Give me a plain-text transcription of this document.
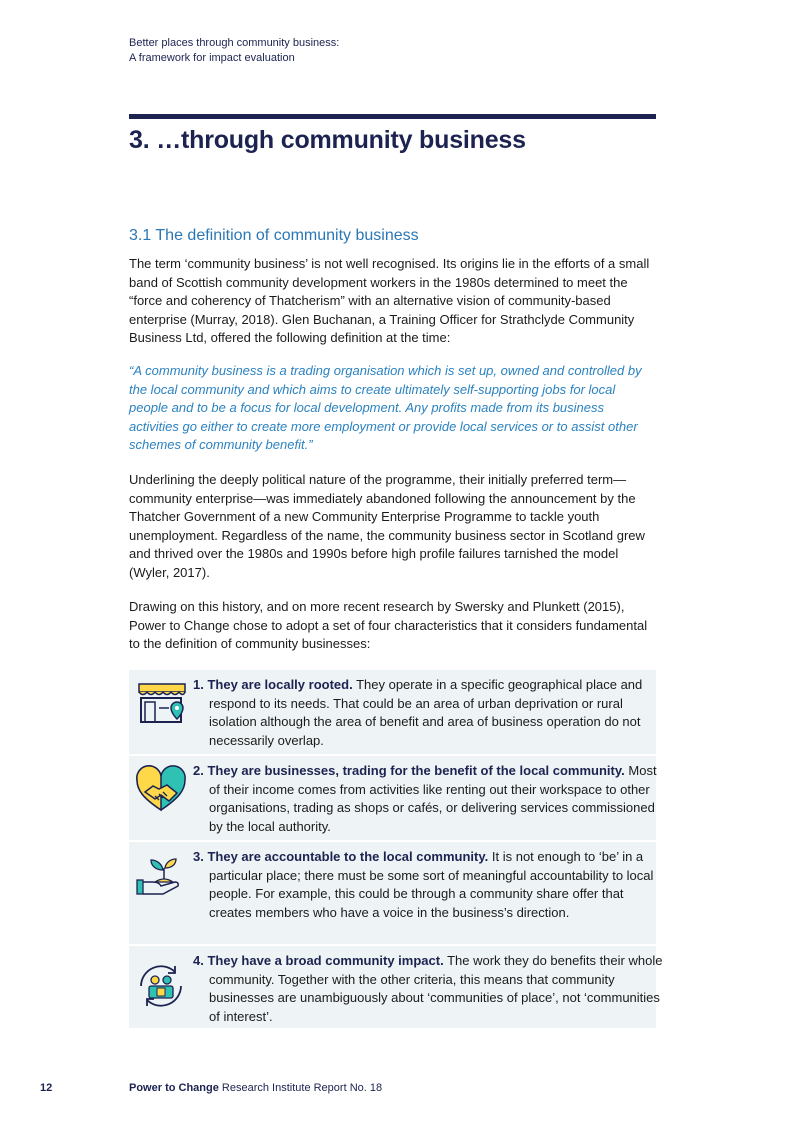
Better places through community business:
A framework for impact evaluation
3. …through community business
3.1 The definition of community business

The term ‘community business’ is not well recognised. Its origins lie in the efforts of a small band of Scottish community development workers in the 1980s determined to meet the “force and coherency of Thatcherism” with an alternative vision of community-based enterprise (Murray, 2018). Glen Buchanan, a Training Officer for Strathclyde Community Business Ltd, offered the following definition at the time:

“A community business is a trading organisation which is set up, owned and controlled by the local community and which aims to create ultimately self-supporting jobs for local people and to be a focus for local development. Any profits made from its business activities go either to create more employment or provide local services or to assist other schemes of community benefit.”

Underlining the deeply political nature of the programme, their initially preferred term—community enterprise—was immediately abandoned following the announcement by the Thatcher Government of a new Community Enterprise Programme to tackle youth unemployment. Regardless of the name, the community business sector in Scotland grew and thrived over the 1980s and 1990s before high profile failures tarnished the model (Wyler, 2017).

Drawing on this history, and on more recent research by Swersky and Plunkett (2015), Power to Change chose to adopt a set of four characteristics that it considers fundamental to the definition of community businesses:

1. They are locally rooted. They operate in a specific geographical place and respond to its needs. That could be an area of urban deprivation or rural isolation although the area of benefit and area of business operation do not necessarily overlap.

2. They are businesses, trading for the benefit of the local community. Most of their income comes from activities like renting out their workspace to other organisations, trading as shops or cafés, or delivering services commissioned by the local authority.

3. They are accountable to the local community. It is not enough to ‘be’ in a particular place; there must be some sort of meaningful accountability to local people. For example, this could be through a community share offer that creates members who have a voice in the business’s direction.

4. They have a broad community impact. The work they do benefits their whole community. Together with the other criteria, this means that community businesses are unambiguously about ‘communities of place’, not ‘communities of interest’.

12	Power to Change Research Institute Report No. 18
